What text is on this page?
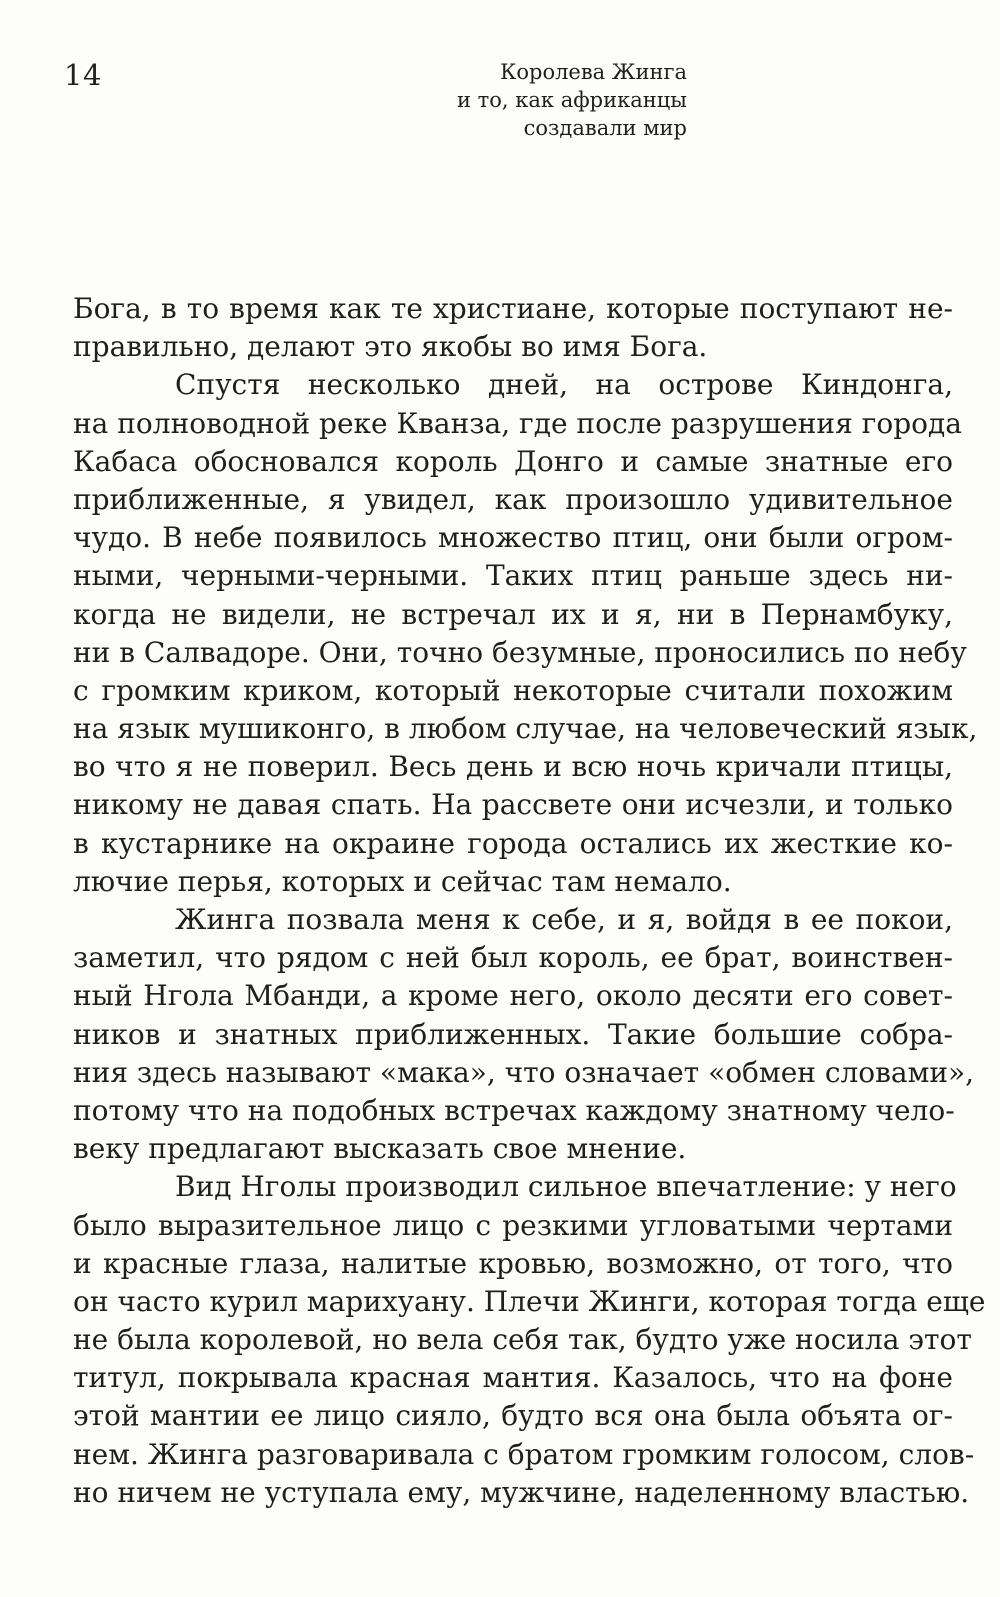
14	Королева Жинга
и то, как африканцы
создавали мир
Бога, в то время как те христиане, которые поступают не-
правильно, делают это якобы во имя Бога.
Спустя несколько дней, на острове Киндонга,
на полноводной реке Кванза, где после разрушения города
Кабаса обосновался король Донго и самые знатные его
приближенные, я увидел, как произошло удивительное
чудо. В небе появилось множество птиц, они были огром-
ными, черными-черными. Таких птиц раньше здесь ни-
когда не видели, не встречал их и я, ни в Пернамбуку,
ни в Салвадоре. Они, точно безумные, проносились по небу
с громким криком, который некоторые считали похожим
на язык мушиконго, в любом случае, на человеческий язык,
во что я не поверил. Весь день и всю ночь кричали птицы,
никому не давая спать. На рассвете они исчезли, и только
в кустарнике на окраине города остались их жесткие ко-
лючие перья, которых и сейчас там немало.
Жинга позвала меня к себе, и я, войдя в ее покои,
заметил, что рядом с ней был король, ее брат, воинствен-
ный Нгола Мбанди, а кроме него, около десяти его совет-
ников и знатных приближенных. Такие большие собра-
ния здесь называют «мака», что означает «обмен словами»,
потому что на подобных встречах каждому знатному чело-
веку предлагают высказать свое мнение.
Вид Нголы производил сильное впечатление: у него
было выразительное лицо с резкими угловатыми чертами
и красные глаза, налитые кровью, возможно, от того, что
он часто курил марихуану. Плечи Жинги, которая тогда еще
не была королевой, но вела себя так, будто уже носила этот
титул, покрывала красная мантия. Казалось, что на фоне
этой мантии ее лицо сияло, будто вся она была объята ог-
нем. Жинга разговаривала с братом громким голосом, слов-
но ничем не уступала ему, мужчине, наделенному властью.
